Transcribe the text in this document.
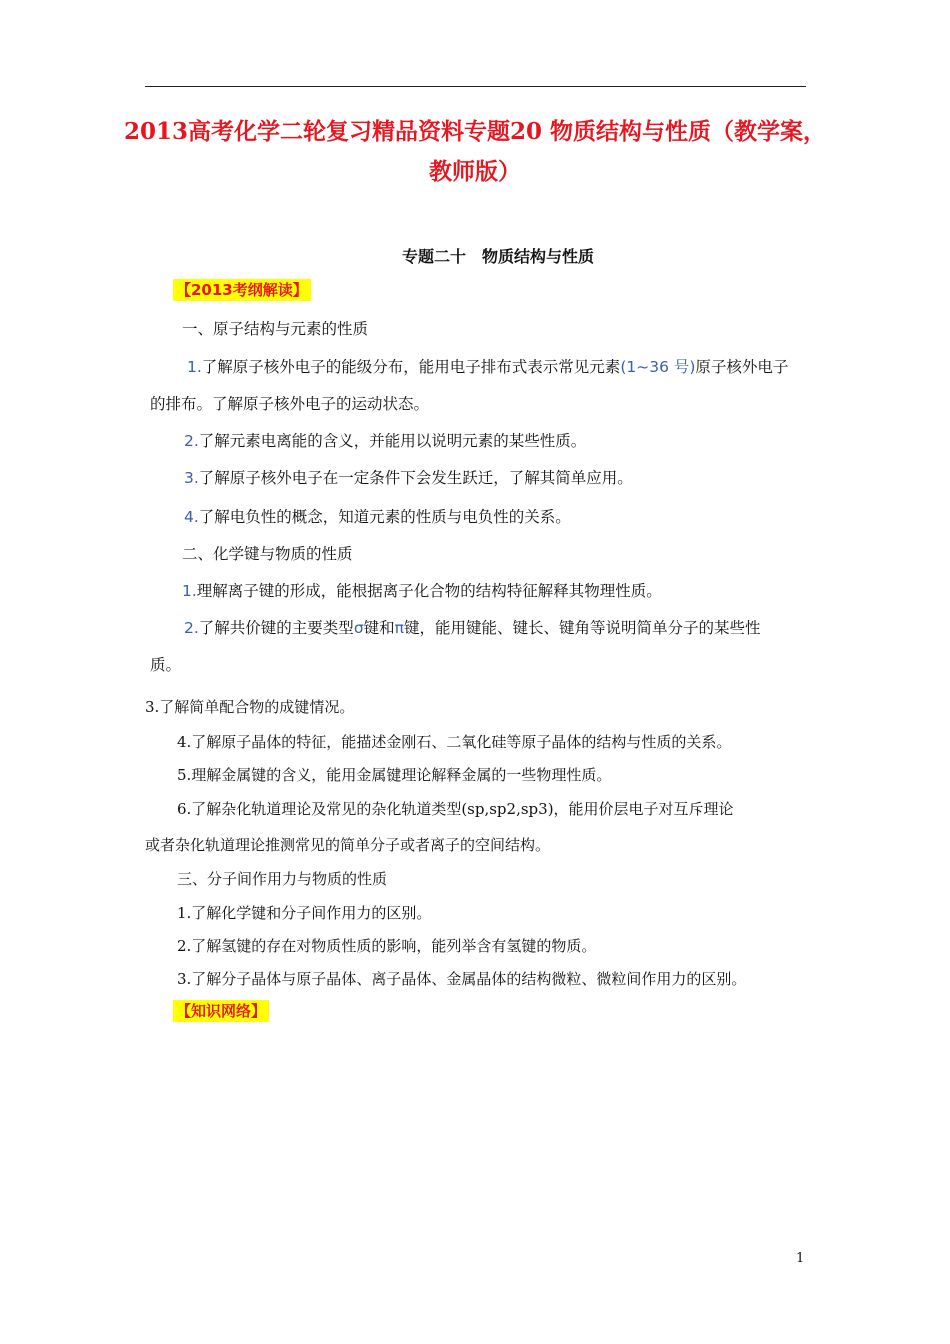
2013高考化学二轮复习精品资料专题20 物质结构与性质（教学案，
教师版）
专题二十　物质结构与性质
【2013考纲解读】
一、原子结构与元素的性质
1.了解原子核外电子的能级分布，能用电子排布式表示常见元素(1~36 号)原子核外电子
的排布。了解原子核外电子的运动状态。
2.了解元素电离能的含义，并能用以说明元素的某些性质。
3.了解原子核外电子在一定条件下会发生跃迁，了解其简单应用。
4.了解电负性的概念，知道元素的性质与电负性的关系。
二、化学键与物质的性质
1.理解离子键的形成，能根据离子化合物的结构特征解释其物理性质。
2.了解共价键的主要类型σ键和π键，能用键能、键长、键角等说明简单分子的某些性
质。
3.了解简单配合物的成键情况。
4.了解原子晶体的特征，能描述金刚石、二氧化硅等原子晶体的结构与性质的关系。
5.理解金属键的含义，能用金属键理论解释金属的一些物理性质。
6.了解杂化轨道理论及常见的杂化轨道类型(sp,sp2,sp3)，能用价层电子对互斥理论
或者杂化轨道理论推测常见的简单分子或者离子的空间结构。
三、分子间作用力与物质的性质
1.了解化学键和分子间作用力的区别。
2.了解氢键的存在对物质性质的影响，能列举含有氢键的物质。
3.了解分子晶体与原子晶体、离子晶体、金属晶体的结构微粒、微粒间作用力的区别。
【知识网络】
1
